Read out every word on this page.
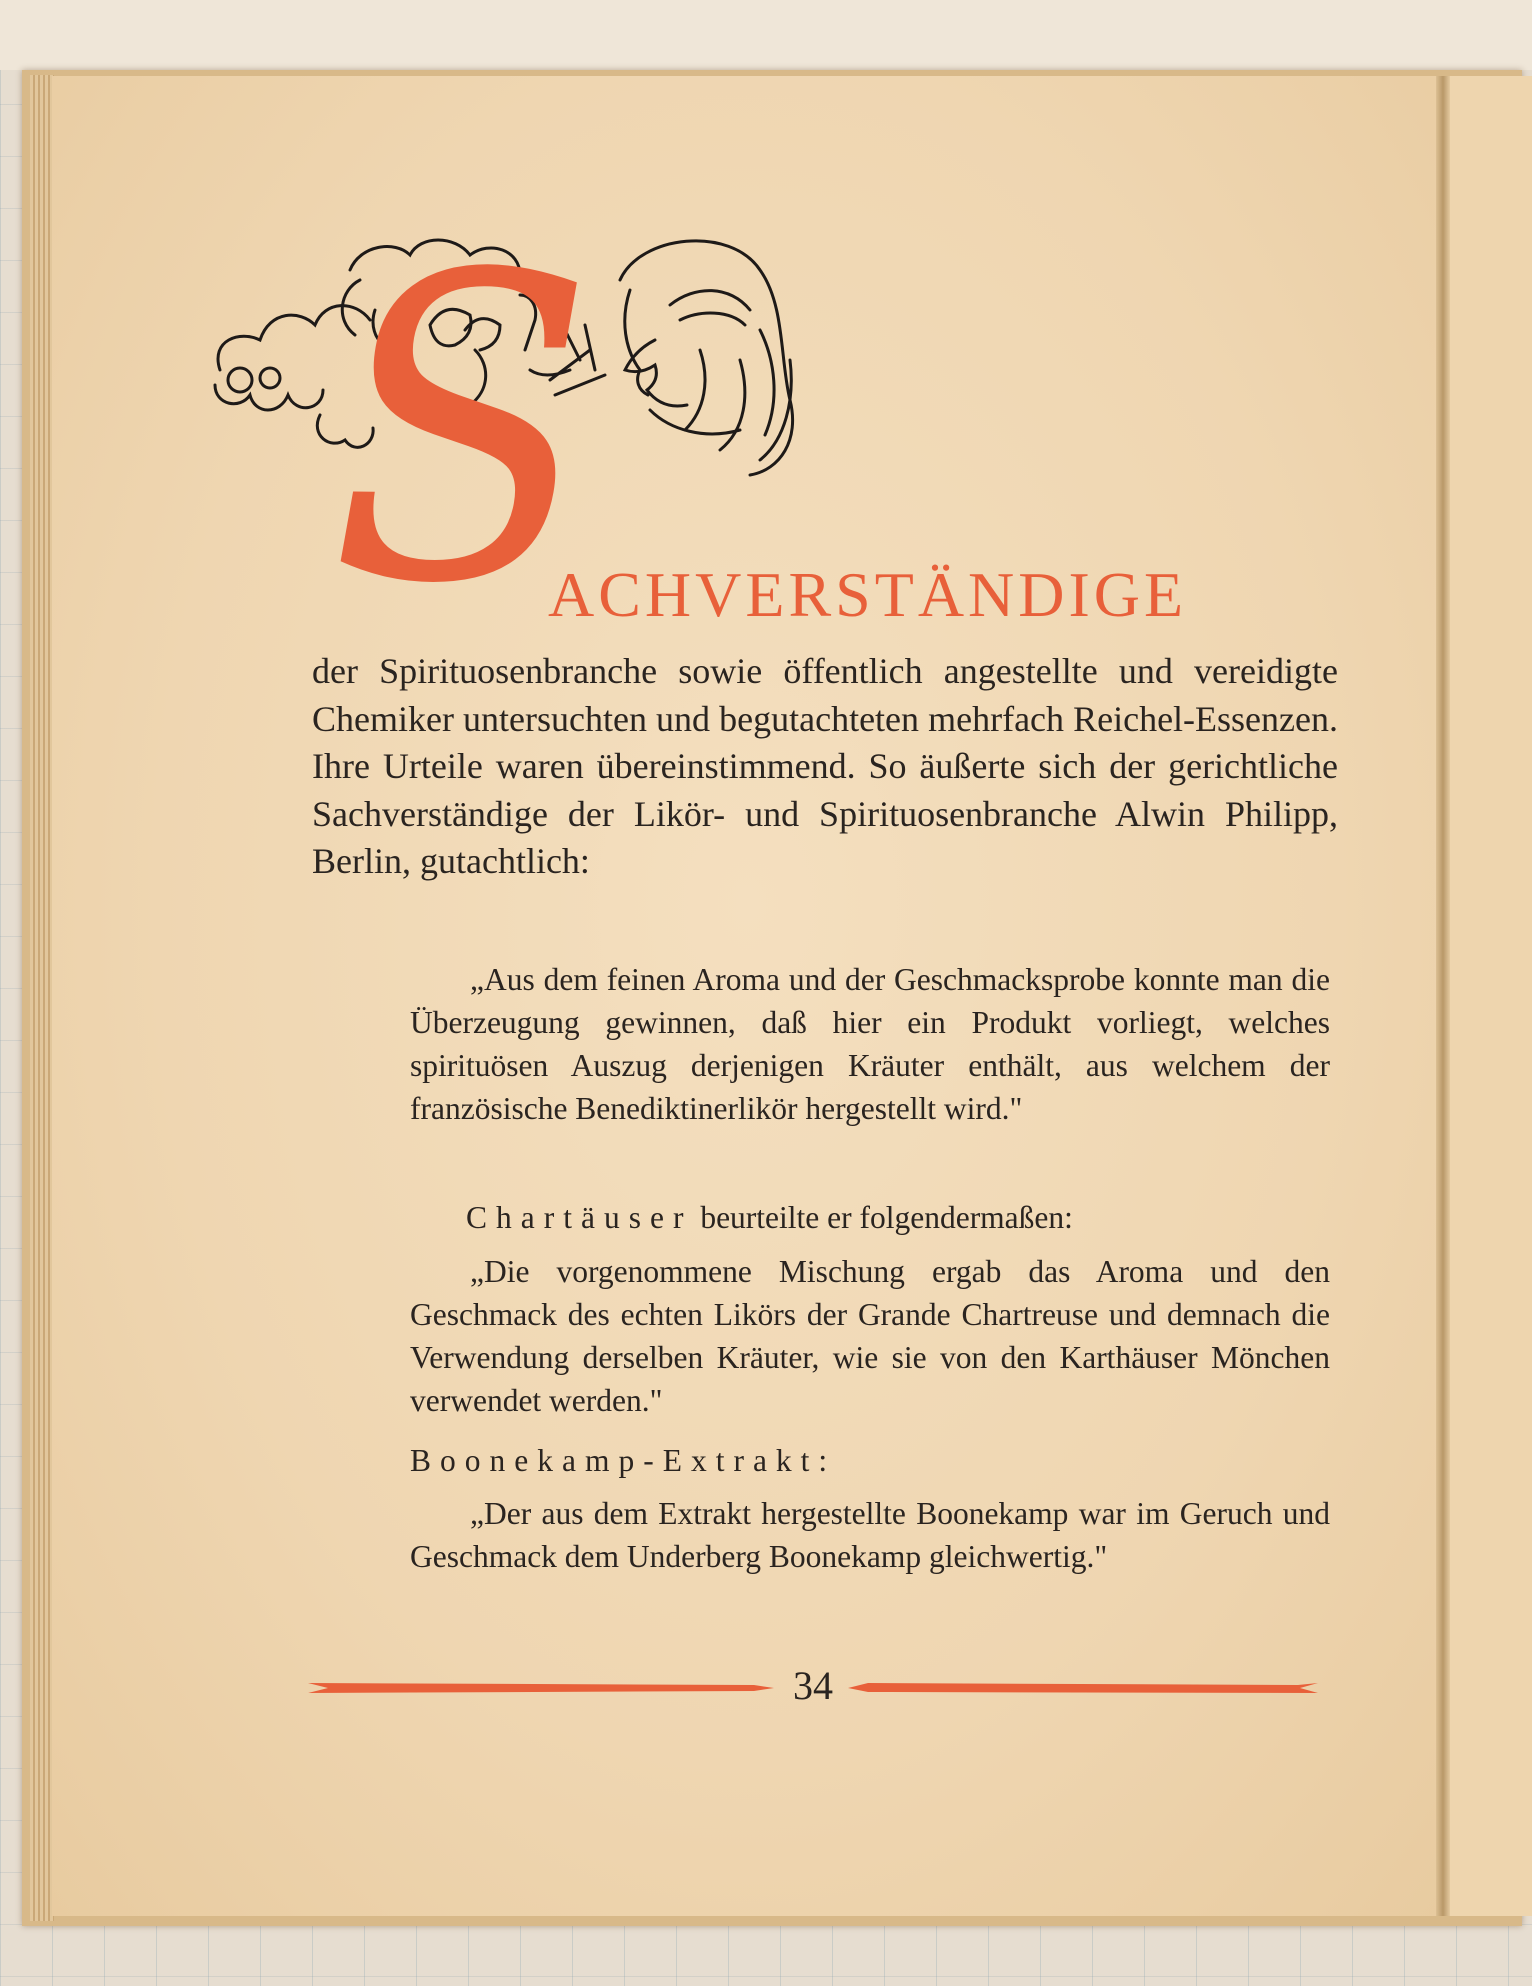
S
ACHVERSTÄNDIGE
der Spirituosenbranche sowie öffentlich angestellte und vereidigte Chemiker untersuchten und begutachteten mehrfach Reichel-Essenzen. Ihre Urteile waren übereinstimmend. So äußerte sich der gerichtliche Sachverständige der Likör- und Spirituosenbranche Alwin Philipp, Berlin, gutachtlich:
„Aus dem feinen Aroma und der Geschmacksprobe konnte man die Überzeugung gewinnen, daß hier ein Produkt vorliegt, welches spirituösen Auszug derjenigen Kräuter enthält, aus welchem der französische Benediktinerlikör hergestellt wird."
Chartäuser beurteilte er folgendermaßen:
„Die vorgenommene Mischung ergab das Aroma und den Geschmack des echten Likörs der Grande Chartreuse und demnach die Verwendung derselben Kräuter, wie sie von den Karthäuser Mönchen verwendet werden."
Boonekamp-Extrakt:
„Der aus dem Extrakt hergestellte Boonekamp war im Geruch und Geschmack dem Underberg Boonekamp gleichwertig."
34
